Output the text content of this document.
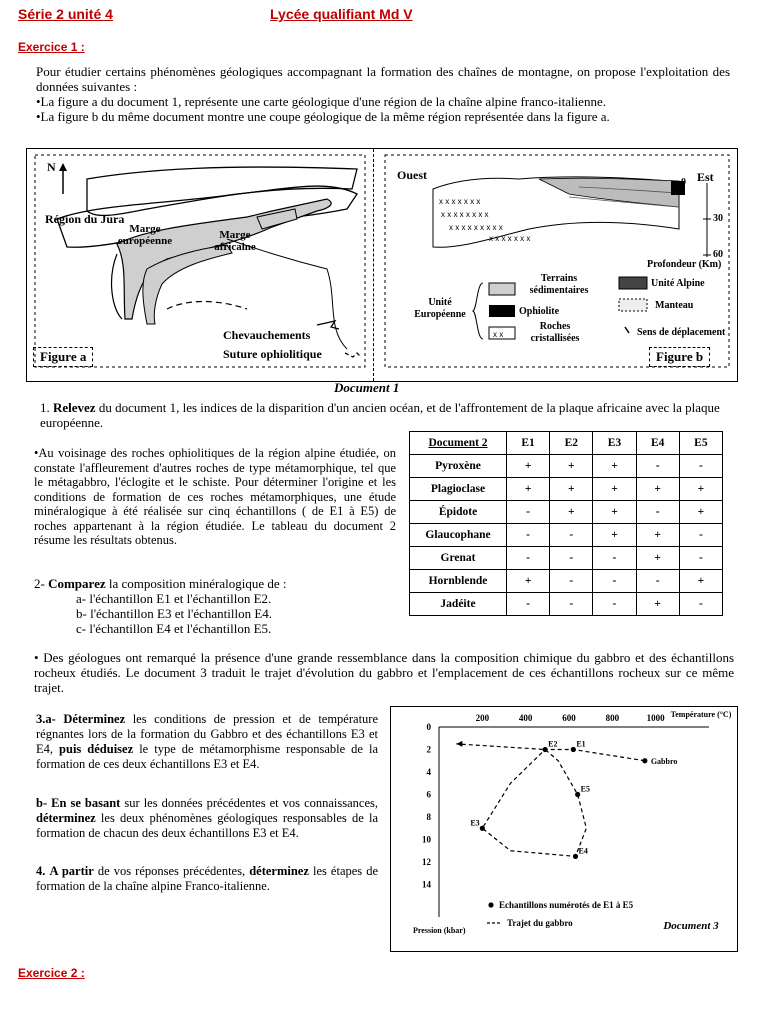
Série 2 unité 4	Lycée qualifiant Md V
Exercice 1 :
Pour étudier certains phénomènes géologiques accompagnant la formation des chaînes de montagne, on propose l'exploitation des données suivantes :
•La figure a du document 1, représente une carte géologique d'une région de la chaîne alpine franco-italienne.
•La figure b du même document montre une coupe géologique de la même région représentée dans la figure a.
N
Région du Jura
Marge européenne	Marge africaine
Chevauchements
Suture ophiolitique
Figure a
x x x x x x x
x x x x x x x x
x x x x x x x x x
x x x x x x x
x x
Ouest	Est
0
30
60
Profondeur (Km)
Terrains sédimentaires
Ophiolite
Roches cristallisées
Unité Européenne
Unité Alpine
Manteau
Sens de déplacement
Figure b
Document 1
1. Relevez du document 1, les indices de la disparition d'un ancien océan, et de l'affrontement de la plaque africaine avec la plaque européenne.
•Au voisinage des roches ophiolitiques de la région alpine étudiée, on constate l'affleurement d'autres roches de type métamorphique, tel que le métagabbro, l'éclogite et le schiste. Pour déterminer l'origine et les conditions de formation de ces roches métamorphiques, une étude minéralogique à été réalisée sur cinq échantillons ( de E1 à E5) de roches appartenant à la région étudiée. Le tableau du document 2 résume les résultats obtenus.
Document 2	E1	E2	E3	E4	E5
Pyroxène	+	+	+	-	-
Plagioclase	+	+	+	+	+
Épidote	-	+	+	-	+
Glaucophane	-	-	+	+	-
Grenat	-	-	-	+	-
Hornblende	+	-	-	-	+
Jadéite	-	-	-	+	-
2- Comparez la composition minéralogique de :
a- l'échantillon E1 et l'échantillon E2.
b- l'échantillon E3 et l'échantillon E4.
c- l'échantillon E4 et l'échantillon E5.
• Des géologues ont remarqué la présence d'une grande ressemblance dans la composition chimique du gabbro et des échantillons rocheux étudiés. Le document 3 traduit le trajet d'évolution du gabbro et l'emplacement de ces échantillons rocheux sur ce même trajet.
3.a- Déterminez les conditions de pression et de température régnantes lors de la formation du Gabbro et des échantillons E3 et E4, puis déduisez le type de métamorphisme responsable de la formation de ces deux échantillons E3 et E4.
b- En se basant sur les données précédentes et vos connaissances, déterminez les deux phénomènes géologiques responsables de la formation de chacun des deux échantillons E3 et E4.
4. A partir de vos réponses précédentes, déterminez les étapes de formation de la chaîne alpine Franco-italienne.
200	400	600	800	1000
0
2
4
6
8
10
12
14
Température (°C)
Pression (kbar)	Document 3
Gabbro
E1
E2
E5
E4
E3
Echantillons numérotés de E1 à E5
Trajet du gabbro
Exercice 2 :
